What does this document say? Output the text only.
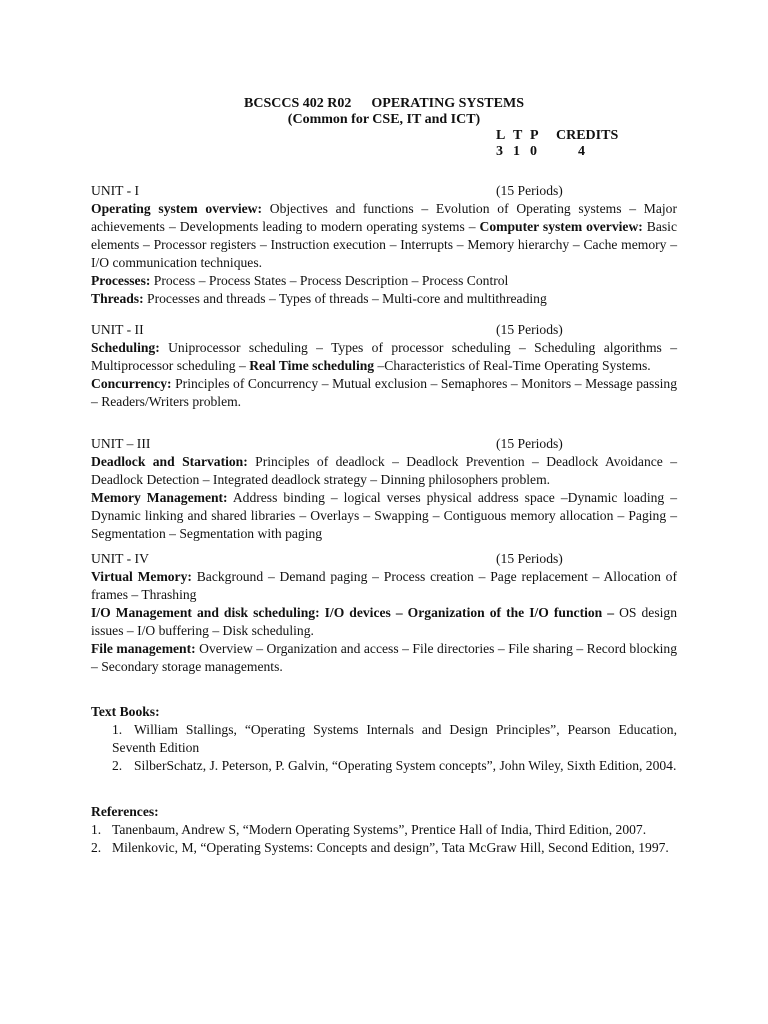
BCSCCS 402 R02 OPERATING SYSTEMS
(Common for CSE, IT and ICT)
L T P CREDITS
3 1 0	4
UNIT - I	(15 Periods)

Operating system overview: Objectives and functions – Evolution of Operating systems – Major achievements – Developments leading to modern operating systems – Computer system overview: Basic elements – Processor registers – Instruction execution – Interrupts – Memory hierarchy – Cache memory – I/O communication techniques.

Processes: Process – Process States – Process Description – Process Control

Threads: Processes and threads – Types of threads – Multi-core and multithreading

UNIT - II	(15 Periods)

Scheduling: Uniprocessor scheduling – Types of processor scheduling – Scheduling algorithms – Multiprocessor scheduling – Real Time scheduling –Characteristics of Real-Time Operating Systems.

Concurrency: Principles of Concurrency – Mutual exclusion – Semaphores – Monitors – Message passing – Readers/Writers problem.

UNIT – III	(15 Periods)

Deadlock and Starvation: Principles of deadlock – Deadlock Prevention – Deadlock Avoidance – Deadlock Detection – Integrated deadlock strategy – Dinning philosophers problem.

Memory Management: Address binding – logical verses physical address space –Dynamic loading – Dynamic linking and shared libraries – Overlays – Swapping – Contiguous memory allocation – Paging – Segmentation – Segmentation with paging

UNIT - IV	(15 Periods)

Virtual Memory: Background – Demand paging – Process creation – Page replacement – Allocation of frames – Thrashing

I/O Management and disk scheduling: I/O devices – Organization of the I/O function – OS design issues – I/O buffering – Disk scheduling.

File management: Overview – Organization and access – File directories – File sharing – Record blocking – Secondary storage managements.

Text Books:
1. William Stallings, “Operating Systems Internals and Design Principles”, Pearson Education, Seventh Edition
2. SilberSchatz, J. Peterson, P. Galvin, “Operating System concepts”, John Wiley, Sixth Edition, 2004.
References:
1. Tanenbaum, Andrew S, “Modern Operating Systems”, Prentice Hall of India, Third Edition, 2007.
2. Milenkovic, M, “Operating Systems: Concepts and design”, Tata McGraw Hill, Second Edition, 1997.
